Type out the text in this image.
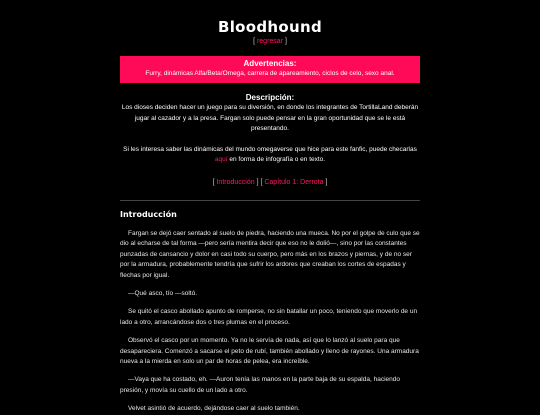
Bloodhound
[ regresar ]
Advertencias:
Furry, dinámicas Alfa/Beta/Omega, carrera de apareamiento, ciclos de celo, sexo anal.
Descripción:

Los dioses deciden hacer un juego para su diversión, en donde los integrantes de TortillaLand deberán jugar al cazador y a la presa. Fargan solo puede pensar en la gran oportunidad que se le está presentando.

Si les interesa saber las dinámicas del mundo omegaverse que hice para este fanfic, puede checarlas aquí en forma de infografía o en texto.

[ Introducción ] [ Capítulo 1: Derrota ]
Introducción

Fargan se dejó caer sentado al suelo de piedra, haciendo una mueca. No por el golpe de culo que se dio al echarse de tal forma —pero sería mentira decir que eso no le dolió—, sino por las constantes punzadas de cansancio y dolor en casi todo su cuerpo, pero más en los brazos y piernas, y de no ser por la armadura, probablemente tendría que sufrir los ardores que creaban los cortes de espadas y flechas por igual.

—Qué asco, tío —soltó.

Se quitó el casco abollado apunto de romperse, no sin batallar un poco, teniendo que moverlo de un lado a otro, arrancándose dos o tres plumas en el proceso.

Observó el casco por un momento. Ya no le servía de nada, así que lo lanzó al suelo para que desapareciera. Comenzó a sacarse el peto de rubí, también abollado y lleno de rayones. Una armadura nueva a la mierda en solo un par de horas de pelea, era increíble.

—Vaya que ha costado, eh. —Auron tenía las manos en la parte baja de su espalda, haciendo presión, y movía su cuello de un lado a otro.

Velvet asintió de acuerdo, dejándose caer al suelo también.
